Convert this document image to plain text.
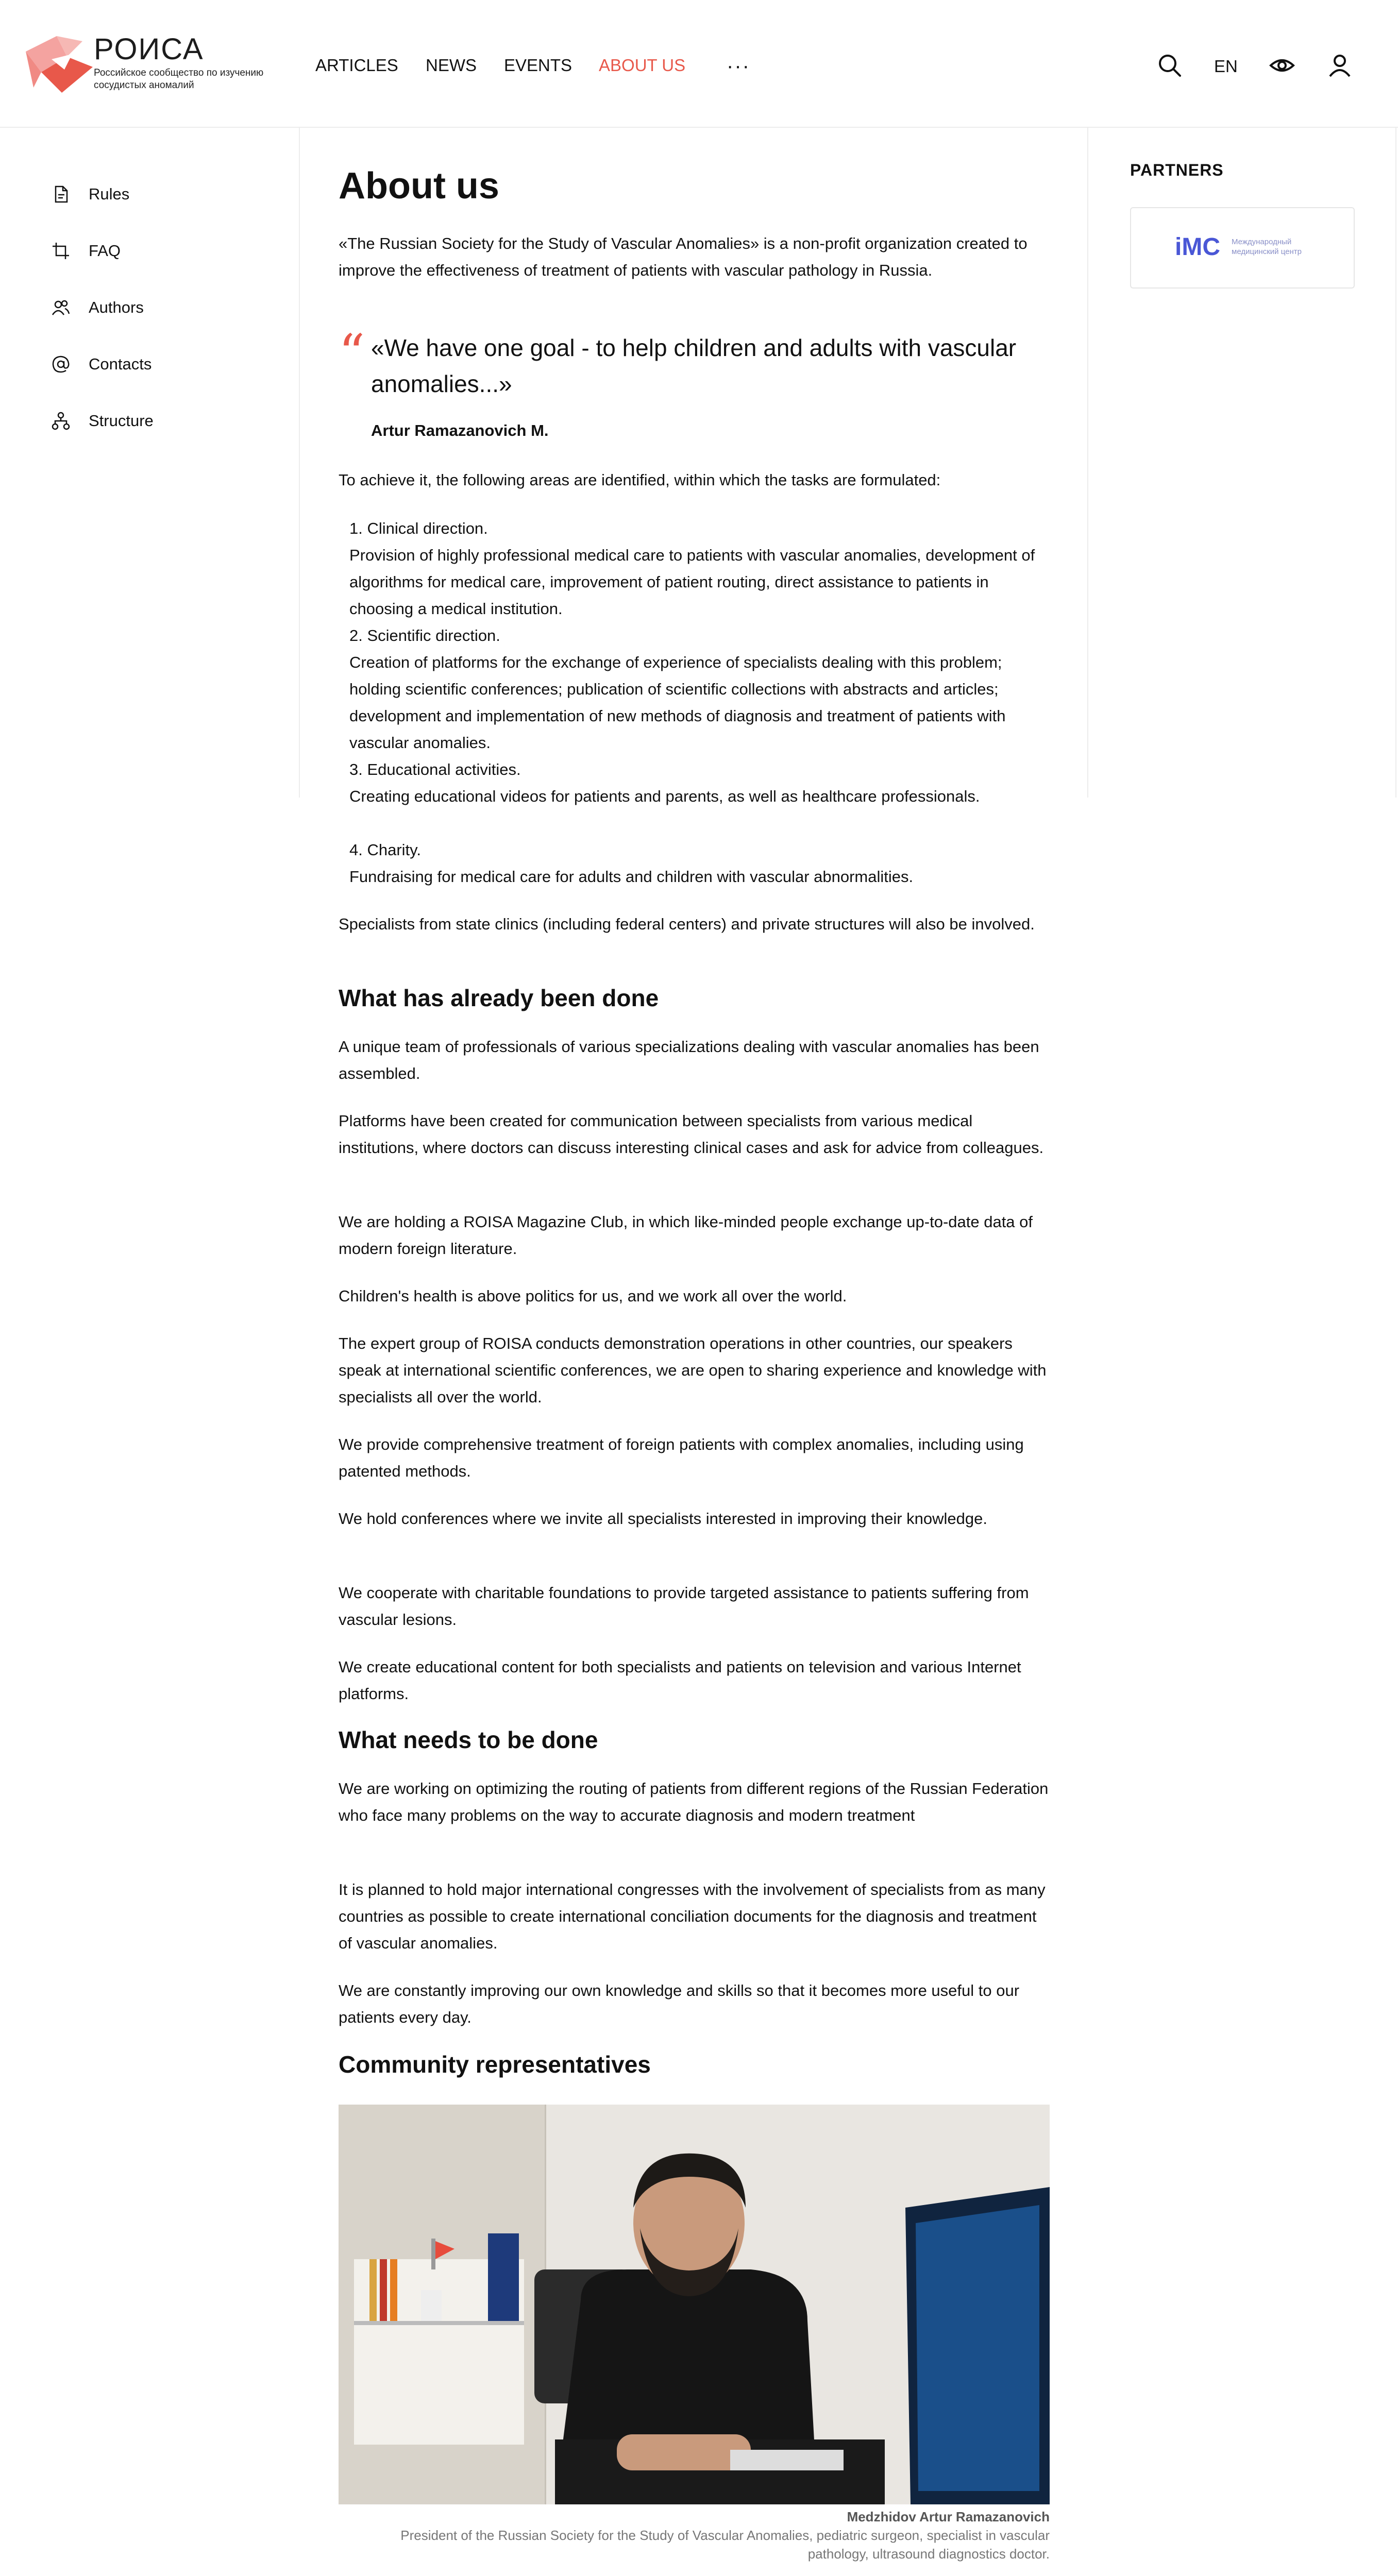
РОИСА
Российское сообщество по изучению сосудистых аномалий
ARTICLES NEWS EVENTS ABOUT US ···	EN
Rules
FAQ
Authors
Contacts
Structure
PARTNERS
iMC Международный медицинский центр
About us
«The Russian Society for the Study of Vascular Anomalies» is a non-profit organization created to improve the effectiveness of treatment of patients with vascular pathology in Russia.
“ «We have one goal - to help children and adults with vascular anomalies...»
Artur Ramazanovich M.
To achieve it, the following areas are identified, within which the tasks are formulated:
1. Clinical direction.
Provision of highly professional medical care to patients with vascular anomalies, development of algorithms for medical care, improvement of patient routing, direct assistance to patients in choosing a medical institution.
2. Scientific direction.
Creation of platforms for the exchange of experience of specialists dealing with this problem; holding scientific conferences; publication of scientific collections with abstracts and articles; development and implementation of new methods of diagnosis and treatment of patients with vascular anomalies.
3. Educational activities.
Creating educational videos for patients and parents, as well as healthcare professionals.
4. Charity.
Fundraising for medical care for adults and children with vascular abnormalities.
Specialists from state clinics (including federal centers) and private structures will also be involved.
What has already been done
A unique team of professionals of various specializations dealing with vascular anomalies has been assembled.
Platforms have been created for communication between specialists from various medical institutions, where doctors can discuss interesting clinical cases and ask for advice from colleagues.
We are holding a ROISA Magazine Club, in which like-minded people exchange up-to-date data of modern foreign literature.
Children's health is above politics for us, and we work all over the world.
The expert group of ROISA conducts demonstration operations in other countries, our speakers speak at international scientific conferences, we are open to sharing experience and knowledge with specialists all over the world.
We provide comprehensive treatment of foreign patients with complex anomalies, including using patented methods.
We hold conferences where we invite all specialists interested in improving their knowledge.
We cooperate with charitable foundations to provide targeted assistance to patients suffering from vascular lesions.
We create educational content for both specialists and patients on television and various Internet platforms.
What needs to be done
We are working on optimizing the routing of patients from different regions of the Russian Federation who face many problems on the way to accurate diagnosis and modern treatment
It is planned to hold major international congresses with the involvement of specialists from as many countries as possible to create international conciliation documents for the diagnosis and treatment of vascular anomalies.
We are constantly improving our own knowledge and skills so that it becomes more useful to our patients every day.
Community representatives
Medzhidov Artur Ramazanovich
President of the Russian Society for the Study of Vascular Anomalies, pediatric surgeon, specialist in vascular pathology, ultrasound diagnostics doctor.
